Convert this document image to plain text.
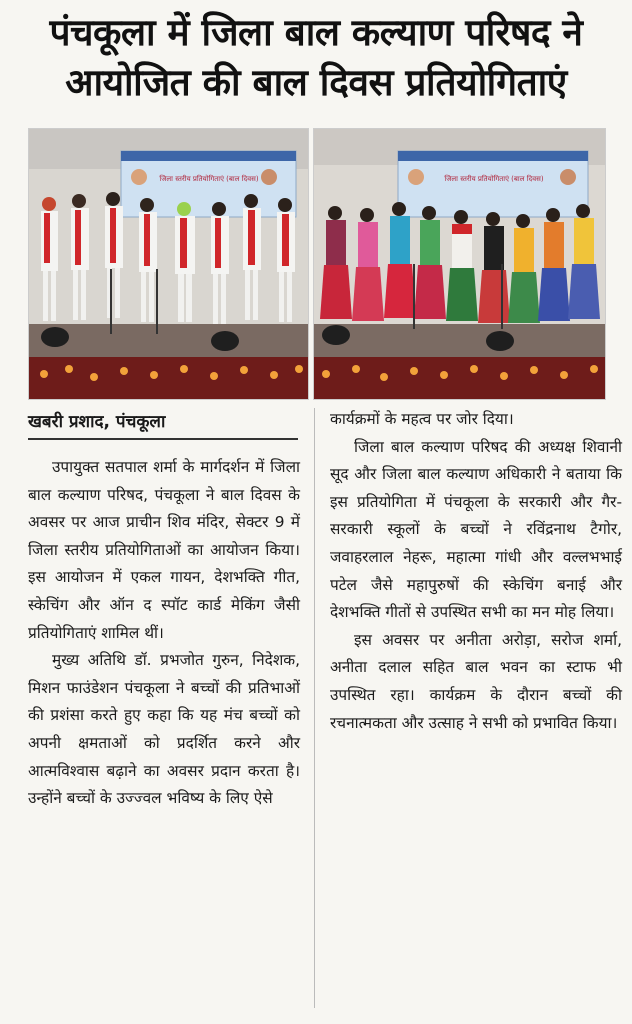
पंचकूला में जिला बाल कल्याण परिषद ने
आयोजित की बाल दिवस प्रतियोगिताएं
जिला स्तरीय प्रतियोगिताएं (बाल दिवस)	जिला स्तरीय प्रतियोगिताएं (बाल दिवस)
खबरी प्रशाद, पंचकूला

उपायुक्त सतपाल शर्मा के मार्गदर्शन में जिला बाल कल्याण परिषद, पंचकूला ने बाल दिवस के अवसर पर आज प्राचीन शिव मंदिर, सेक्टर 9 में जिला स्तरीय प्रतियोगिताओं का आयोजन किया। इस आयोजन में एकल गायन, देशभक्ति गीत, स्केचिंग और ऑन द स्पॉट कार्ड मेकिंग जैसी प्रतियोगिताएं शामिल थीं।

मुख्य अतिथि डॉ. प्रभजोत गुरुन, निदेशक, मिशन फाउंडेशन पंचकूला ने बच्चों की प्रतिभाओं की प्रशंसा करते हुए कहा कि यह मंच बच्चों को अपनी क्षमताओं को प्रदर्शित करने और आत्मविश्वास बढ़ाने का अवसर प्रदान करता है। उन्होंने बच्चों के उज्ज्वल भविष्य के लिए ऐसे

कार्यक्रमों के महत्व पर जोर दिया।

जिला बाल कल्याण परिषद की अध्यक्ष शिवानी सूद और जिला बाल कल्याण अधिकारी ने बताया कि इस प्रतियोगिता में पंचकूला के सरकारी और गैर-सरकारी स्कूलों के बच्चों ने रविंद्रनाथ टैगोर, जवाहरलाल नेहरू, महात्मा गांधी और वल्लभभाई पटेल जैसे महापुरुषों की स्केचिंग बनाई और देशभक्ति गीतों से उपस्थित सभी का मन मोह लिया।

इस अवसर पर अनीता अरोड़ा, सरोज शर्मा, अनीता दलाल सहित बाल भवन का स्टाफ भी उपस्थित रहा। कार्यक्रम के दौरान बच्चों की रचनात्मकता और उत्साह ने सभी को प्रभावित किया।
